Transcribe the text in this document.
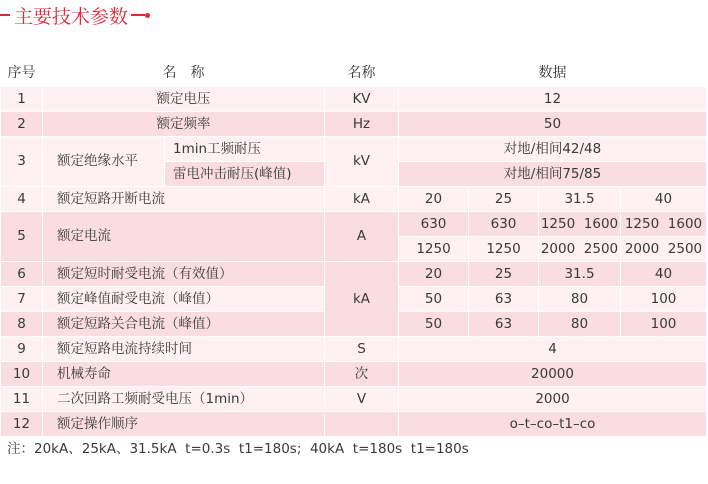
主要技术参数
序号	名　称		名称	数据			
1	额定电压		KV	12			
2	额定频率		Hz	50			
3	额定绝缘水平	1min工频耐压	kV	对地/相间42/48			
		雷电冲击耐压(峰值)		对地/相间75/85			
4	额定短路开断电流		kA	20	25	31.5	40
5	额定电流		A	630	630	1250  1600	1250  1600
				1250	1250	2000  2500	2000  2500
6	额定短时耐受电流（有效值）		kA	20	25	31.5	40
7	额定峰值耐受电流（峰值）			50	63	80	100
8	额定短路关合电流（峰值）			50	63	80	100
9	额定短路电流持续时间		S	4			
10	机械寿命		次	20000			
11	二次回路工频耐受电压（1min）		V	2000			
12	额定操作顺序			o–t–co–t1–co			
注：20kA、25kA、31.5kA  t=0.3s  t1=180s;  40kA  t=180s  t1=180s							
